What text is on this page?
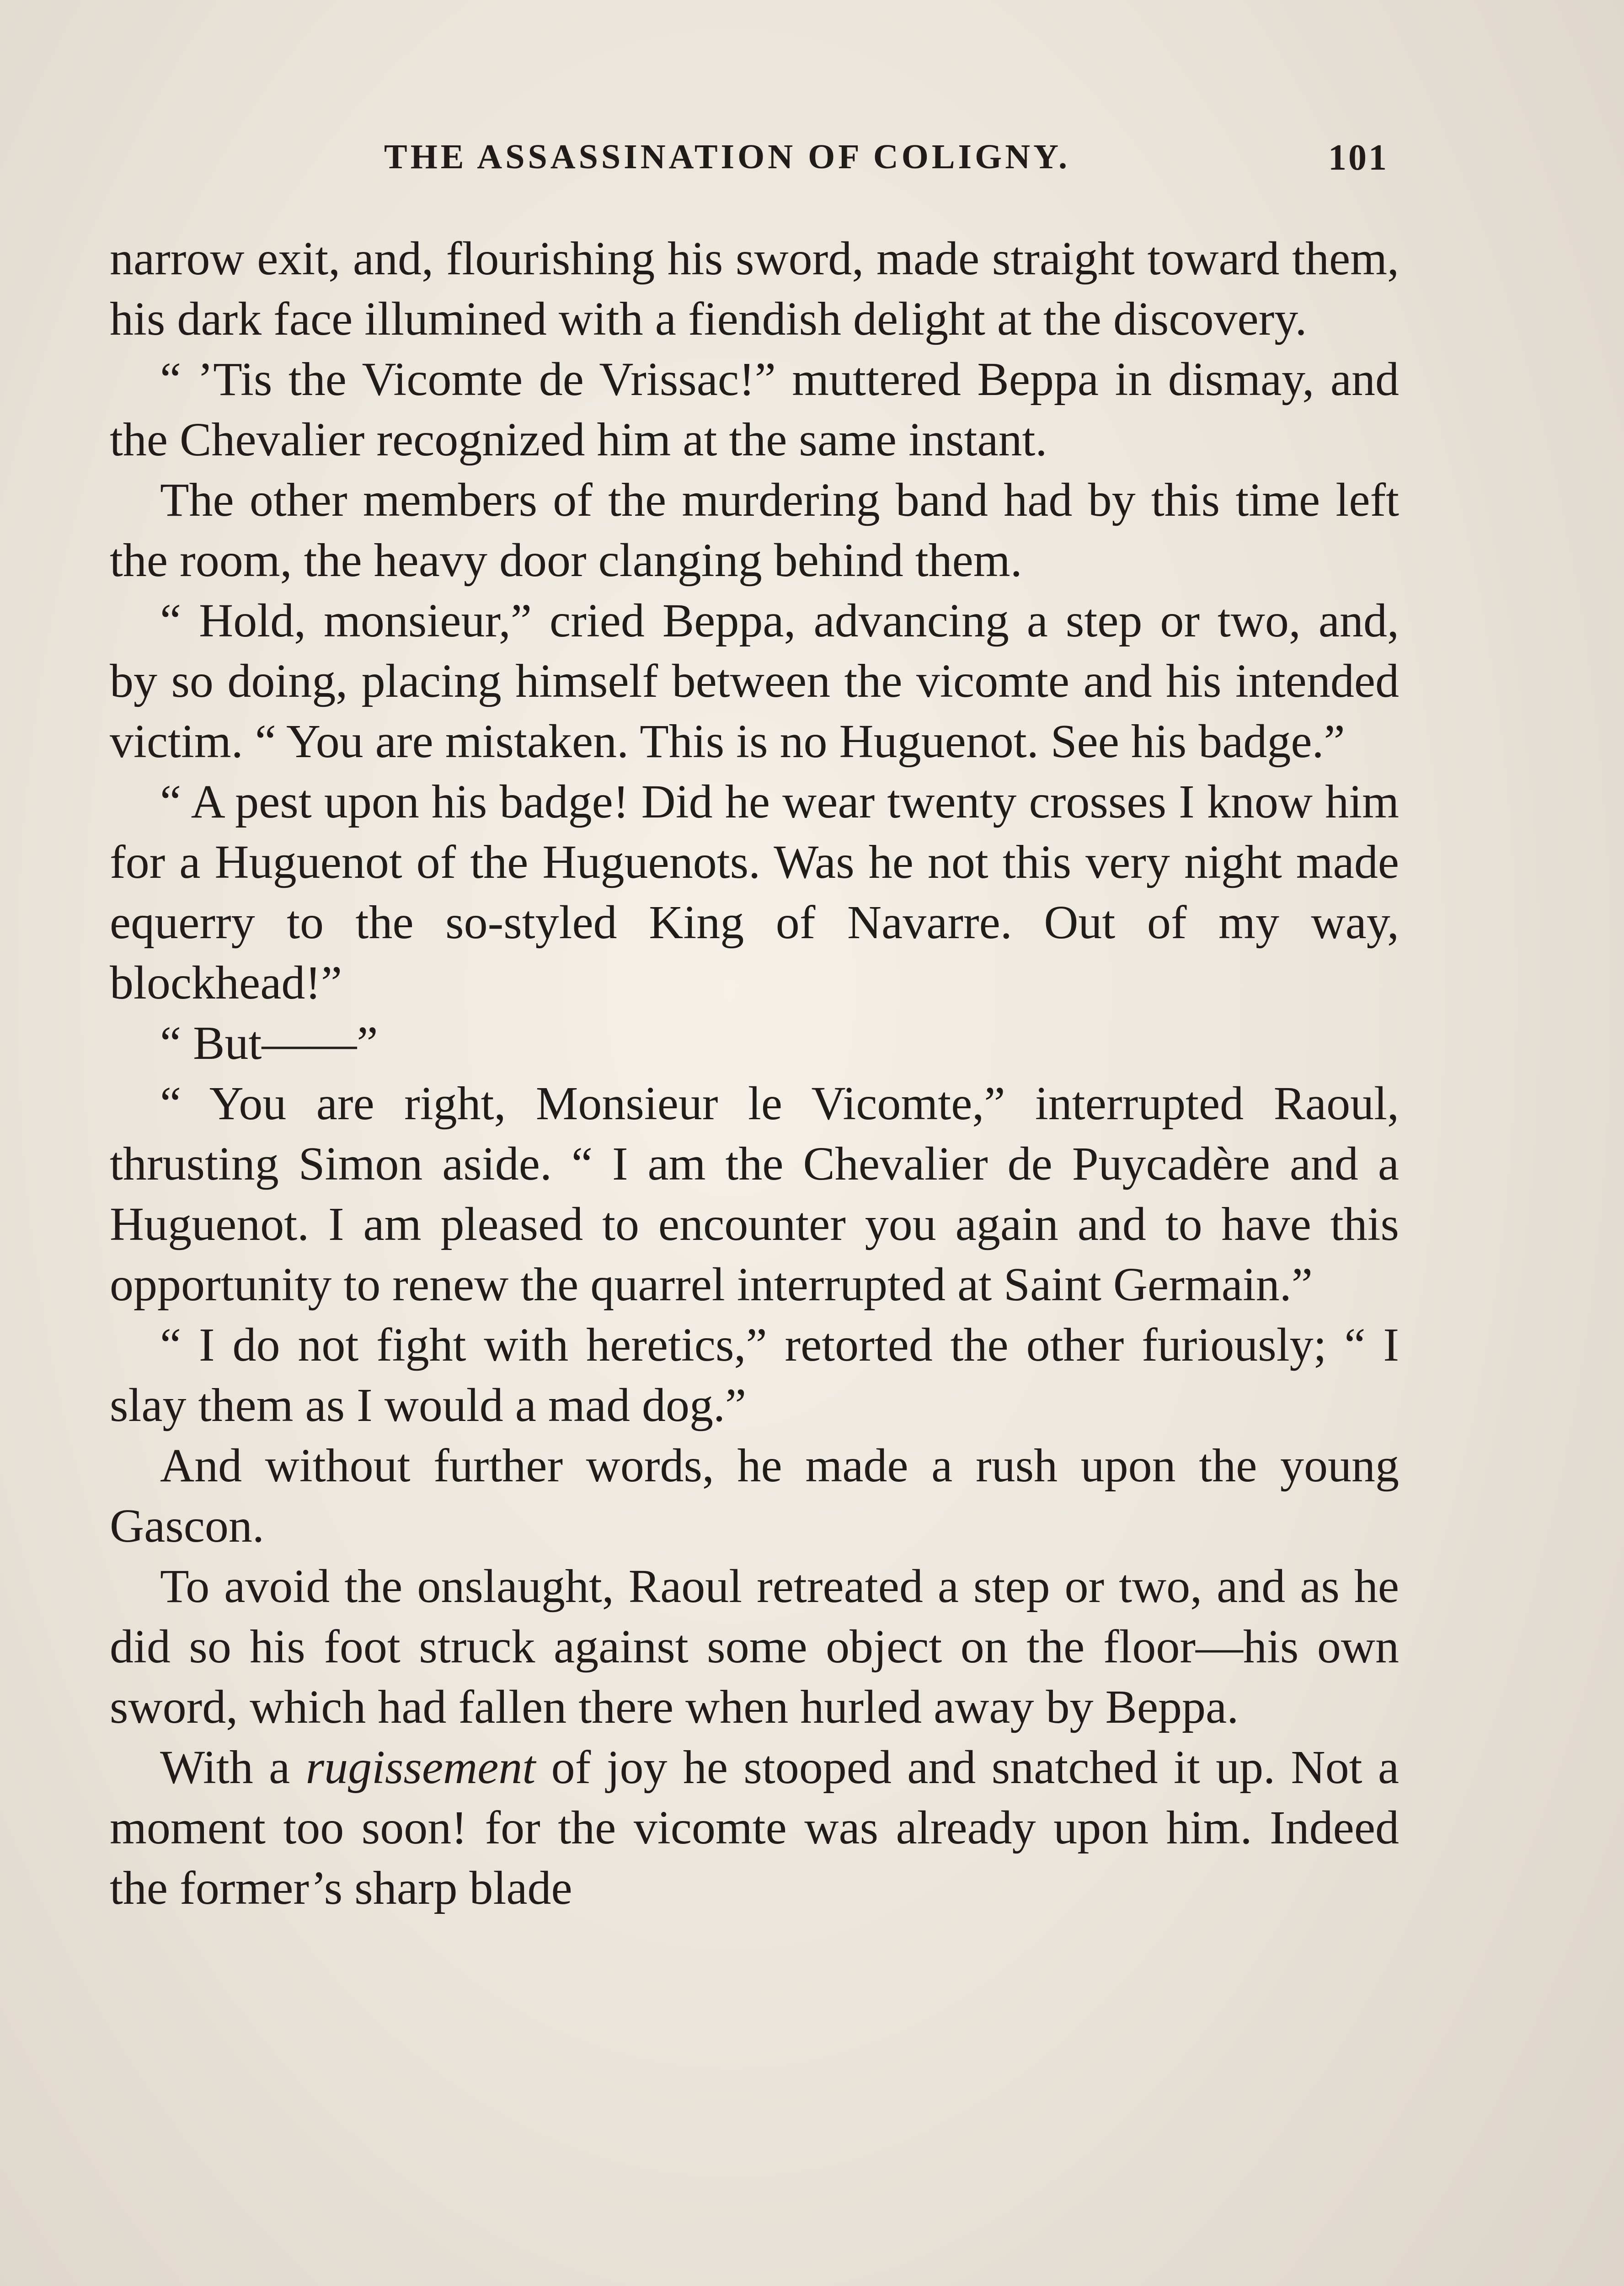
THE ASSASSINATION OF COLIGNY.	101

narrow exit, and, flourishing his sword, made straight toward them, his dark face illumined with a fiendish delight at the discovery.

“ ’Tis the Vicomte de Vrissac!” muttered Beppa in dismay, and the Chevalier recognized him at the same instant.

The other members of the murdering band had by this time left the room, the heavy door clanging behind them.

“ Hold, monsieur,” cried Beppa, advancing a step or two, and, by so doing, placing himself between the vicomte and his intended victim. “ You are mistaken. This is no Huguenot. See his badge.”

“ A pest upon his badge! Did he wear twenty crosses I know him for a Huguenot of the Huguenots. Was he not this very night made equerry to the so-styled King of Navarre. Out of my way, blockhead!”

“ But——”

“ You are right, Monsieur le Vicomte,” interrupted Raoul, thrusting Simon aside. “ I am the Chevalier de Puycadère and a Huguenot. I am pleased to encounter you again and to have this opportunity to renew the quarrel interrupted at Saint Germain.”

“ I do not fight with heretics,” retorted the other furiously; “ I slay them as I would a mad dog.”

And without further words, he made a rush upon the young Gascon.

To avoid the onslaught, Raoul retreated a step or two, and as he did so his foot struck against some object on the floor—his own sword, which had fallen there when hurled away by Beppa.

With a rugissement of joy he stooped and snatched it up. Not a moment too soon! for the vicomte was already upon him. Indeed the former’s sharp blade
